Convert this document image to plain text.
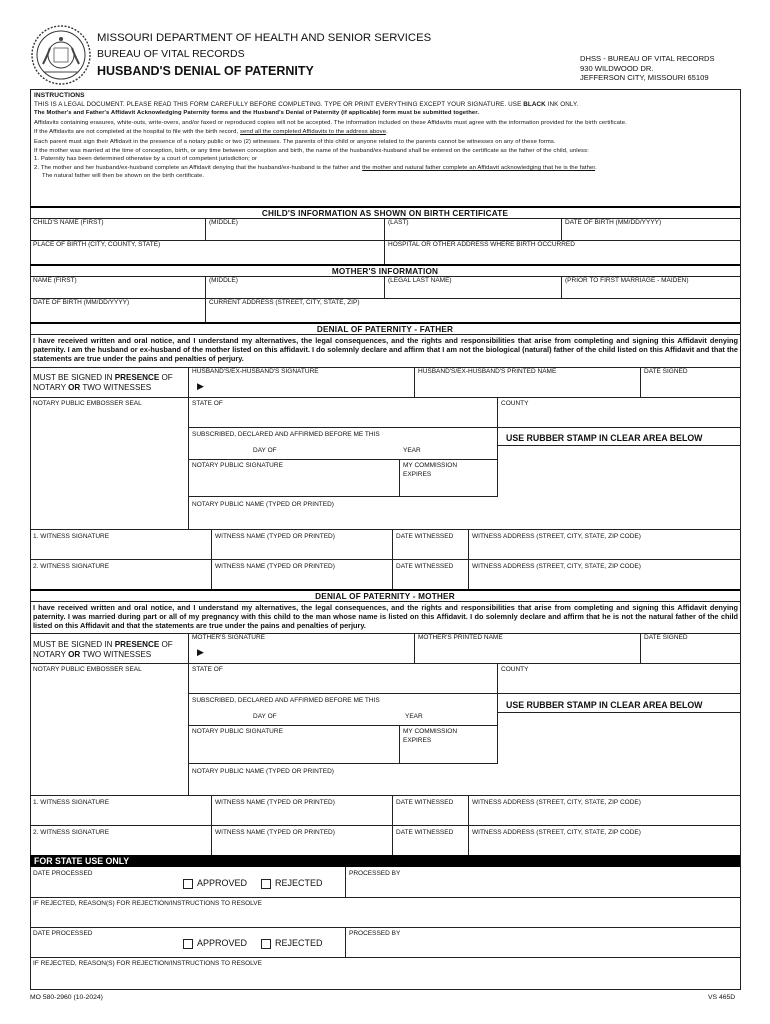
MISSOURI DEPARTMENT OF HEALTH AND SENIOR SERVICES
BUREAU OF VITAL RECORDS
HUSBAND'S DENIAL OF PATERNITY
DHSS - BUREAU OF VITAL RECORDS
930 WILDWOOD DR.
JEFFERSON CITY, MISSOURI 65109
INSTRUCTIONS
THIS IS A LEGAL DOCUMENT. PLEASE READ THIS FORM CAREFULLY BEFORE COMPLETING. TYPE OR PRINT EVERYTHING EXCEPT YOUR SIGNATURE. USE BLACK INK ONLY.
The Mother's and Father's Affidavit Acknowledging Paternity forms and the Husband's Denial of Paternity (if applicable) form must be submitted together.
Affidavits containing erasures, white-outs, write-overs, and/or faxed or reproduced copies will not be accepted. The information included on these Affidavits must agree with the information provided for the birth certificate.
If the Affidavits are not completed at the hospital to file with the birth record, send all the completed Affidavits to the address above.
Each parent must sign their Affidavit in the presence of a notary public or two (2) witnesses. The parents of this child or anyone related to the parents cannot be witnesses on any of these forms.
If the mother was married at the time of conception, birth, or any time between conception and birth, the name of the husband/ex-husband shall be entered on the certificate as the father of the child, unless:
1. Paternity has been determined otherwise by a court of competent jurisdiction; or
2. The mother and her husband/ex-husband complete an Affidavit denying that the husband/ex-husband is the father and the mother and natural father complete an Affidavit acknowledging that he is the father.
The natural father will then be shown on the birth certificate.
CHILD'S INFORMATION AS SHOWN ON BIRTH CERTIFICATE
CHILD'S NAME (FIRST)	(MIDDLE)	(LAST)	DATE OF BIRTH (MM/DD/YYYY)
PLACE OF BIRTH (CITY, COUNTY, STATE)	HOSPITAL OR OTHER ADDRESS WHERE BIRTH OCCURRED
MOTHER'S INFORMATION
NAME (FIRST)	(MIDDLE)	(LEGAL LAST NAME)	(PRIOR TO FIRST MARRIAGE - MAIDEN)
DATE OF BIRTH (MM/DD/YYYY)	CURRENT ADDRESS (STREET, CITY, STATE, ZIP)
DENIAL OF PATERNITY - FATHER
I have received written and oral notice, and I understand my alternatives, the legal consequences, and the rights and responsibilities that arise from completing and signing this Affidavit denying paternity. I am the husband or ex-husband of the mother listed on this affidavit. I do solemnly declare and affirm that I am not the biological (natural) father of the child listed on this Affidavit and that the statements are true under the pains and penalties of perjury.
MUST BE SIGNED IN PRESENCE OF
NOTARY OR TWO WITNESSES
HUSBAND'S/EX-HUSBAND'S SIGNATURE
▶
HUSBAND'S/EX-HUSBAND'S PRINTED NAME	DATE SIGNED
NOTARY PUBLIC EMBOSSER SEAL	STATE OF	COUNTY
SUBSCRIBED, DECLARED AND AFFIRMED BEFORE ME THIS	USE RUBBER STAMP IN CLEAR AREA BELOW
DAY OF	YEAR
NOTARY PUBLIC SIGNATURE	MY COMMISSION EXPIRES
NOTARY PUBLIC NAME (TYPED OR PRINTED)
1. WITNESS SIGNATURE	WITNESS NAME (TYPED OR PRINTED)	DATE WITNESSED	WITNESS ADDRESS (STREET, CITY, STATE, ZIP CODE)
2. WITNESS SIGNATURE	WITNESS NAME (TYPED OR PRINTED)	DATE WITNESSED	WITNESS ADDRESS (STREET, CITY, STATE, ZIP CODE)
DENIAL OF PATERNITY - MOTHER
I have received written and oral notice, and I understand my alternatives, the legal consequences, and the rights and responsibilities that arise from completing and signing this Affidavit denying paternity. I was married during part or all of my pregnancy with this child to the man whose name is listed on this Affidavit. I do solemnly declare and affirm that he is not the natural father of the child listed on this Affidavit and that the statements are true under the pains and penalties of perjury.
MUST BE SIGNED IN PRESENCE OF
NOTARY OR TWO WITNESSES
MOTHER'S SIGNATURE
▶
MOTHER'S PRINTED NAME	DATE SIGNED
NOTARY PUBLIC EMBOSSER SEAL	STATE OF	COUNTY
SUBSCRIBED, DECLARED AND AFFIRMED BEFORE ME THIS	USE RUBBER STAMP IN CLEAR AREA BELOW
DAY OF	YEAR
NOTARY PUBLIC SIGNATURE	MY COMMISSION EXPIRES
NOTARY PUBLIC NAME (TYPED OR PRINTED)
1. WITNESS SIGNATURE	WITNESS NAME (TYPED OR PRINTED)	DATE WITNESSED	WITNESS ADDRESS (STREET, CITY, STATE, ZIP CODE)
2. WITNESS SIGNATURE	WITNESS NAME (TYPED OR PRINTED)	DATE WITNESSED	WITNESS ADDRESS (STREET, CITY, STATE, ZIP CODE)
FOR STATE USE ONLY
DATE PROCESSED
APPROVED	REJECTED
PROCESSED BY
IF REJECTED, REASON(S) FOR REJECTION/INSTRUCTIONS TO RESOLVE
DATE PROCESSED
APPROVED	REJECTED
PROCESSED BY
IF REJECTED, REASON(S) FOR REJECTION/INSTRUCTIONS TO RESOLVE
MO 580-2960 (10-2024)	VS 465D
